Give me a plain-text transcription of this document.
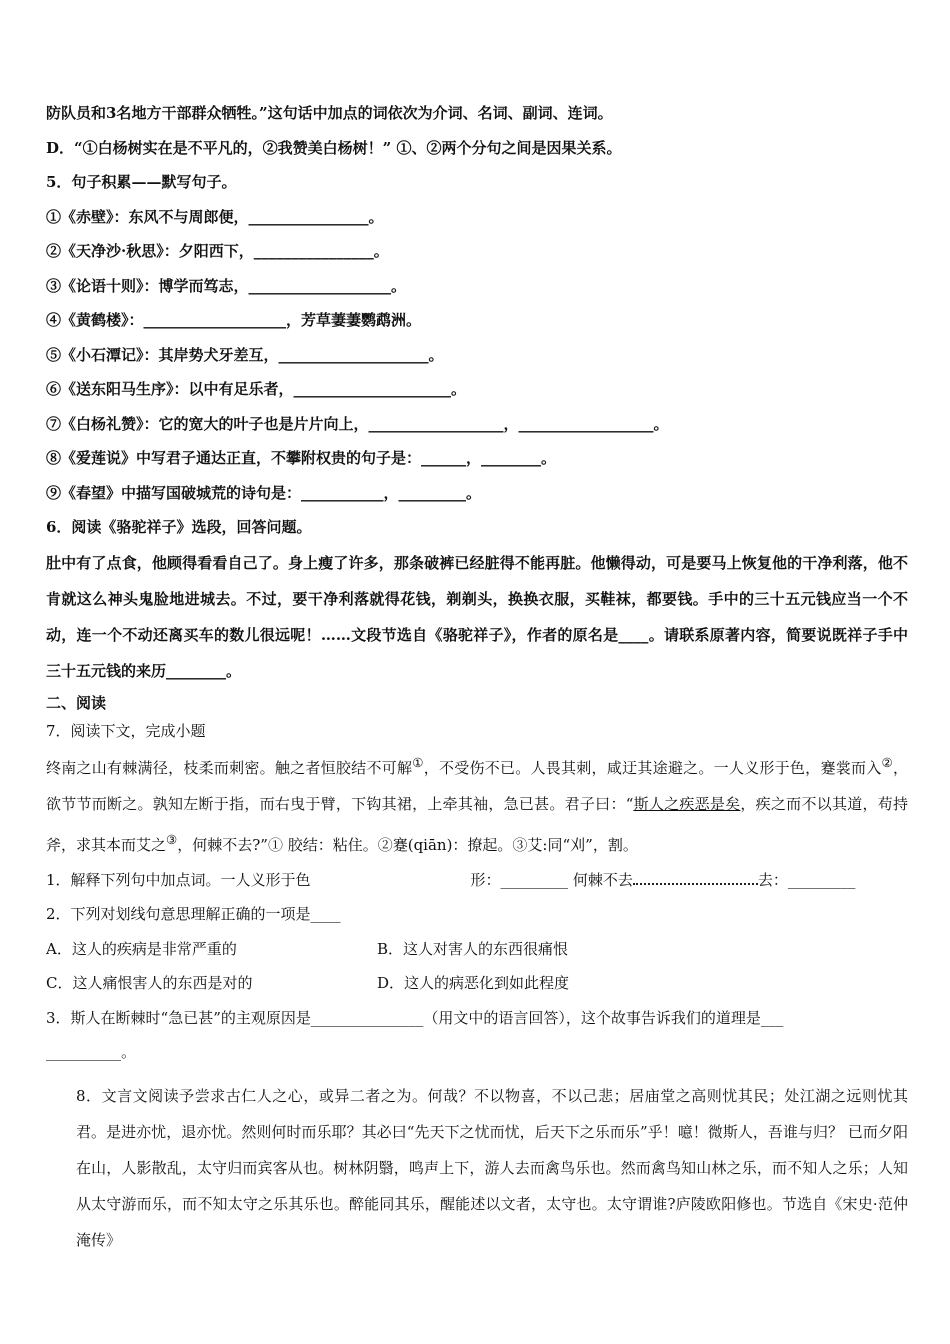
防队员和3名地方干部群众牺牲。”这句话中加点的词依次为介词、名词、副词、连词。
D．“①白杨树实在是不平凡的，②我赞美白杨树！” ①、②两个分句之间是因果关系。
5．句子积累——默写句子。
①《赤壁》：东风不与周郎便，________________。
②《天净沙·秋思》：夕阳西下，________________。
③《论语十则》：博学而笃志，___________________。
④《黄鹤楼》：___________________，芳草萋萋鹦鹉洲。
⑤《小石潭记》：其岸势犬牙差互，____________________。
⑥《送东阳马生序》：以中有足乐者，_____________________。
⑦《白杨礼赞》：它的宽大的叶子也是片片向上，__________________，__________________。
⑧《爱莲说》中写君子通达正直，不攀附权贵的句子是：______，________。
⑨《春望》中描写国破城荒的诗句是：___________，_________。
6．阅读《骆驼祥子》选段，回答问题。
肚中有了点食，他顾得看看自己了。身上瘦了许多，那条破裤已经脏得不能再脏。他懒得动，可是要马上恢复他的干净利落，他不肯就这么神头鬼脸地进城去。不过，要干净利落就得花钱，剃剃头，换换衣服，买鞋袜，都要钱。手中的三十五元钱应当一个不动，连一个不动还离买车的数儿很远呢！……文段节选自《骆驼祥子》，作者的原名是____。请联系原著内容，简要说既祥子手中三十五元钱的来历________。
二、阅读
7．阅读下文，完成小题
终南之山有棘满径，枝柔而刺密。触之者恒胶结不可解①，不受伤不已。人畏其刺，咸迂其途避之。一人义形于色，蹇裳而入②，欲节节而断之。孰知左断于指，而右曳于臂，下钩其裙，上牵其袖，急已甚。君子曰：“斯人之疾恶是矣，疾之而不以其道，苟持斧，求其本而艾之③，何棘不去?”① 胶结：粘住。②蹇(qiān)：撩起。③艾:同“刈”，割。
1．解释下列句中加点词。一人义形于色	形：_________ 何棘不去	去：_________
2．下列对划线句意思理解正确的一项是____
A．这人的疾病是非常严重的	B．这人对害人的东西很痛恨
C．这人痛恨害人的东西是对的	D．这人的病恶化到如此程度
3．斯人在断棘时“急已甚”的主观原因是_______________（用文中的语言回答），这个故事告诉我们的道理是___
__________。
8．文言文阅读予尝求古仁人之心，或异二者之为。何哉？不以物喜，不以己悲；居庙堂之高则忧其民；处江湖之远则忧其君。是进亦忧，退亦忧。然则何时而乐耶？其必曰“先天下之忧而忧，后天下之乐而乐”乎！噫！微斯人，吾谁与归？ 已而夕阳在山，人影散乱，太守归而宾客从也。树林阴翳，鸣声上下，游人去而禽鸟乐也。然而禽鸟知山林之乐，而不知人之乐；人知从太守游而乐，而不知太守之乐其乐也。醉能同其乐，醒能述以文者，太守也。太守谓谁?庐陵欧阳修也。节选自《宋史·范仲淹传》
